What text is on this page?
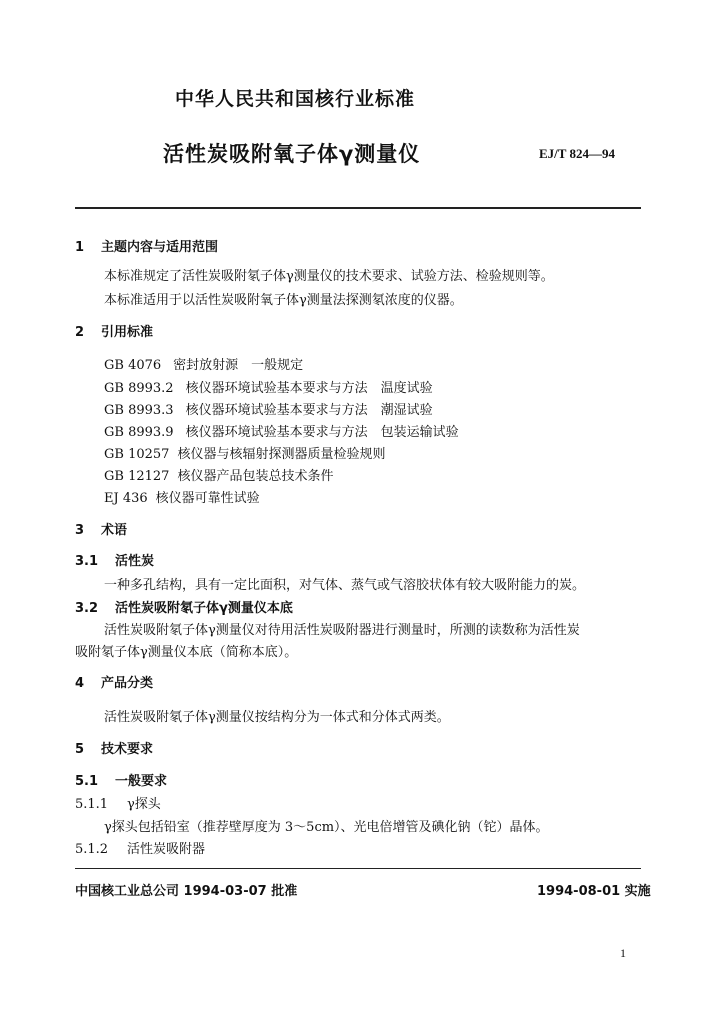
中华人民共和国核行业标准
活性炭吸附氧子体γ测量仪	EJ/T 824—94
1 主题内容与适用范围
本标准规定了活性炭吸附氡子体γ测量仪的技术要求、试验方法、检验规则等。
本标准适用于以活性炭吸附氧子体γ测量法探测氡浓度的仪器。
2 引用标准
GB 4076 密封放射源　一般规定
GB 8993.2 核仪器环境试验基本要求与方法　温度试验
GB 8993.3 核仪器环境试验基本要求与方法　潮湿试验
GB 8993.9 核仪器环境试验基本要求与方法　包装运输试验
GB 10257 核仪器与核辐射探测器质量检验规则
GB 12127 核仪器产品包装总技术条件
EJ 436 核仪器可靠性试验
3 术语
3.1 活性炭
一种多孔结构，具有一定比面积，对气体、蒸气或气溶胶状体有较大吸附能力的炭。
3.2 活性炭吸附氡子体γ测量仪本底
活性炭吸附氡子体γ测量仪对待用活性炭吸附器进行测量时，所测的读数称为活性炭
吸附氡子体γ测量仪本底（简称本底）。
4 产品分类
活性炭吸附氡子体γ测量仪按结构分为一体式和分体式两类。
5 技术要求
5.1 一般要求
5.1.1 γ探头
γ探头包括铅室（推荐壁厚度为 3～5cm）、光电倍增管及碘化钠（铊）晶体。
5.1.2 活性炭吸附器
中国核工业总公司 1994-03-07 批准	1994-08-01 实施
1
